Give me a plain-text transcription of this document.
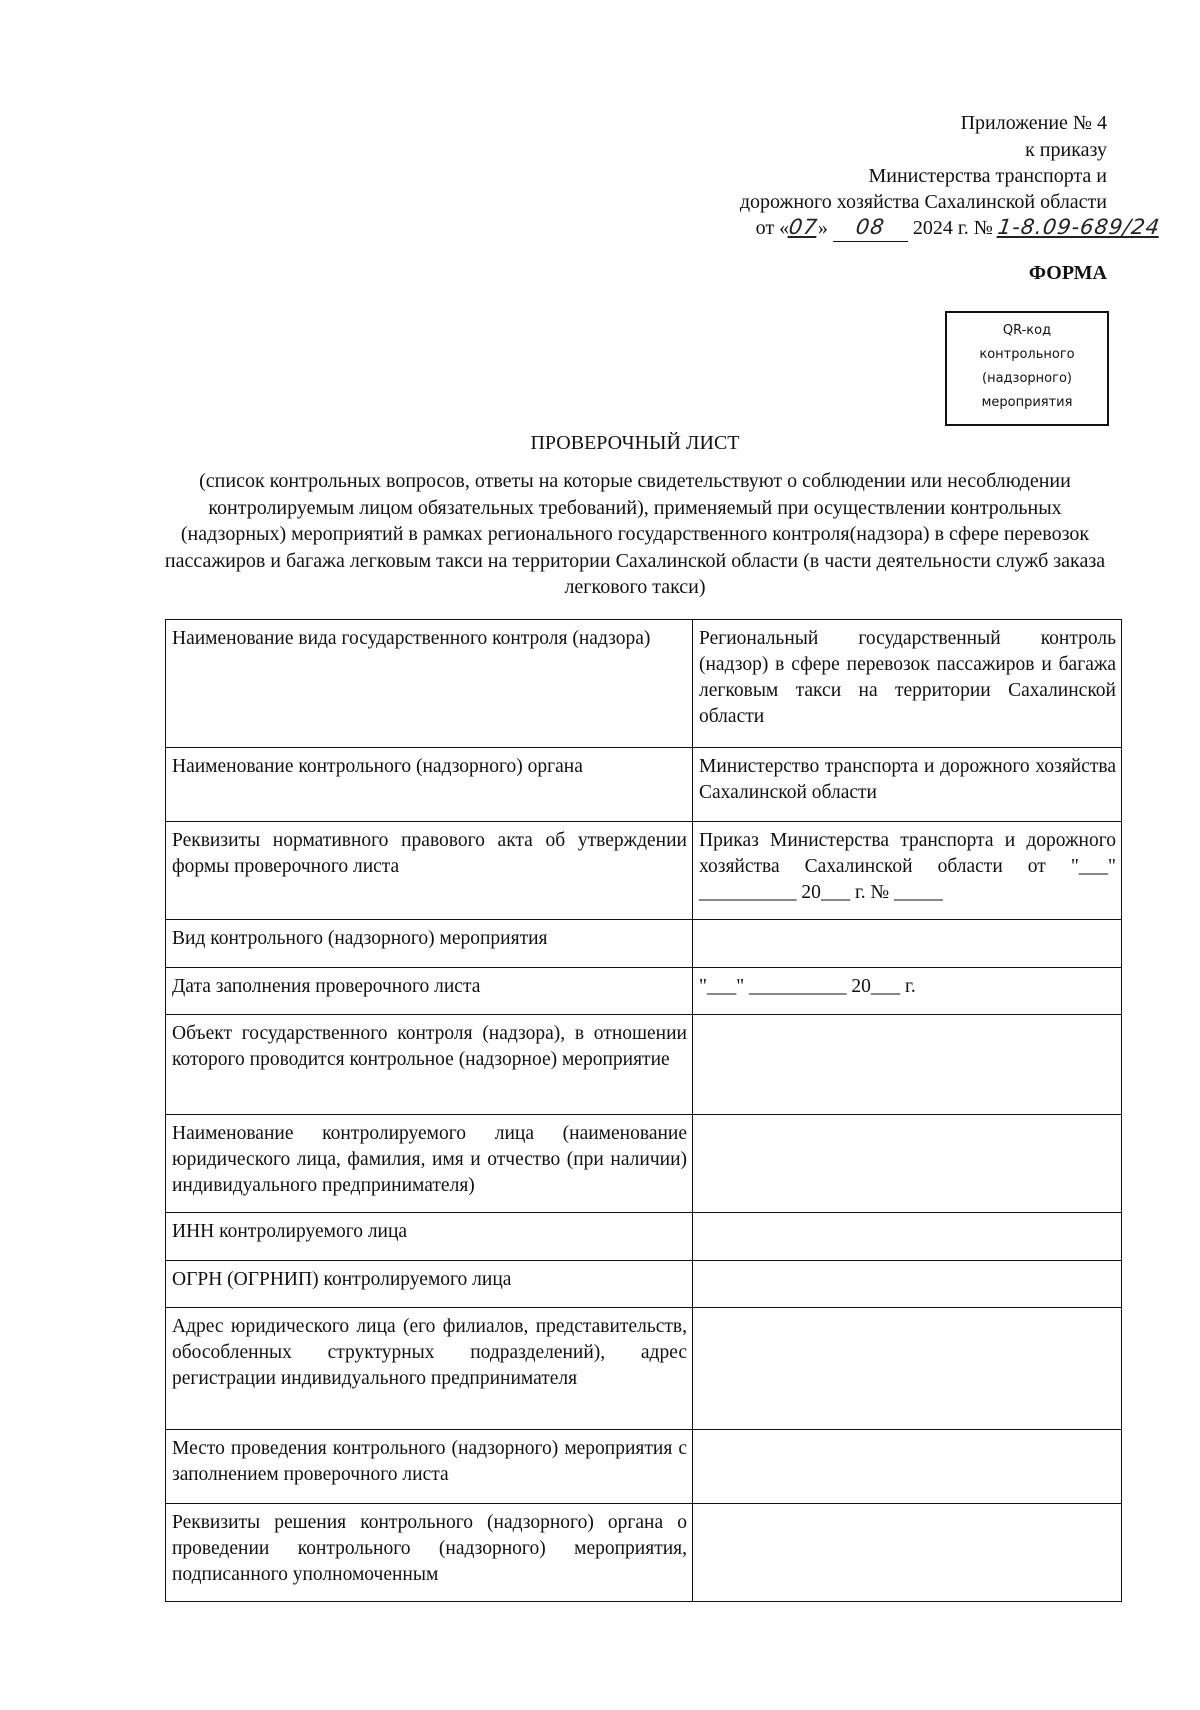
Приложение № 4
к приказу
Министерства транспорта и
дорожного хозяйства Сахалинской области
от «07» 08 2024 г. № 1-8.09-689/24
ФОРМА
QR-код
контрольного
(надзорного)
мероприятия
ПРОВЕРОЧНЫЙ ЛИСТ
(список контрольных вопросов, ответы на которые свидетельствуют о соблюдении или несоблюдении контролируемым лицом обязательных требований), применяемый при осуществлении контрольных (надзорных) мероприятий в рамках регионального государственного контроля(надзора) в сфере перевозок пассажиров и багажа легковым такси на территории Сахалинской области (в части деятельности служб заказа легкового такси)
Наименование вида государственного контроля (надзора)	Региональный государственный контроль (надзор) в сфере перевозок пассажиров и багажа легковым такси на территории Сахалинской области
Наименование контрольного (надзорного) органа	Министерство транспорта и дорожного хозяйства Сахалинской области
Реквизиты нормативного правового акта об утверждении формы проверочного листа	Приказ Министерства транспорта и дорожного хозяйства Сахалинской области от "___" __________ 20___ г. № _____
Вид контрольного (надзорного) мероприятия	
Дата заполнения проверочного листа	"___" __________ 20___ г.
Объект государственного контроля (надзора), в отношении которого проводится контрольное (надзорное) мероприятие	
Наименование контролируемого лица (наименование юридического лица, фамилия, имя и отчество (при наличии) индивидуального предпринимателя)	
ИНН контролируемого лица	
ОГРН (ОГРНИП) контролируемого лица	
Адрес юридического лица (его филиалов, представительств, обособленных структурных подразделений), адрес регистрации индивидуального предпринимателя	
Место проведения контрольного (надзорного) мероприятия с заполнением проверочного листа	
Реквизиты решения контрольного (надзорного) органа о проведении контрольного (надзорного) мероприятия, подписанного уполномоченным	
